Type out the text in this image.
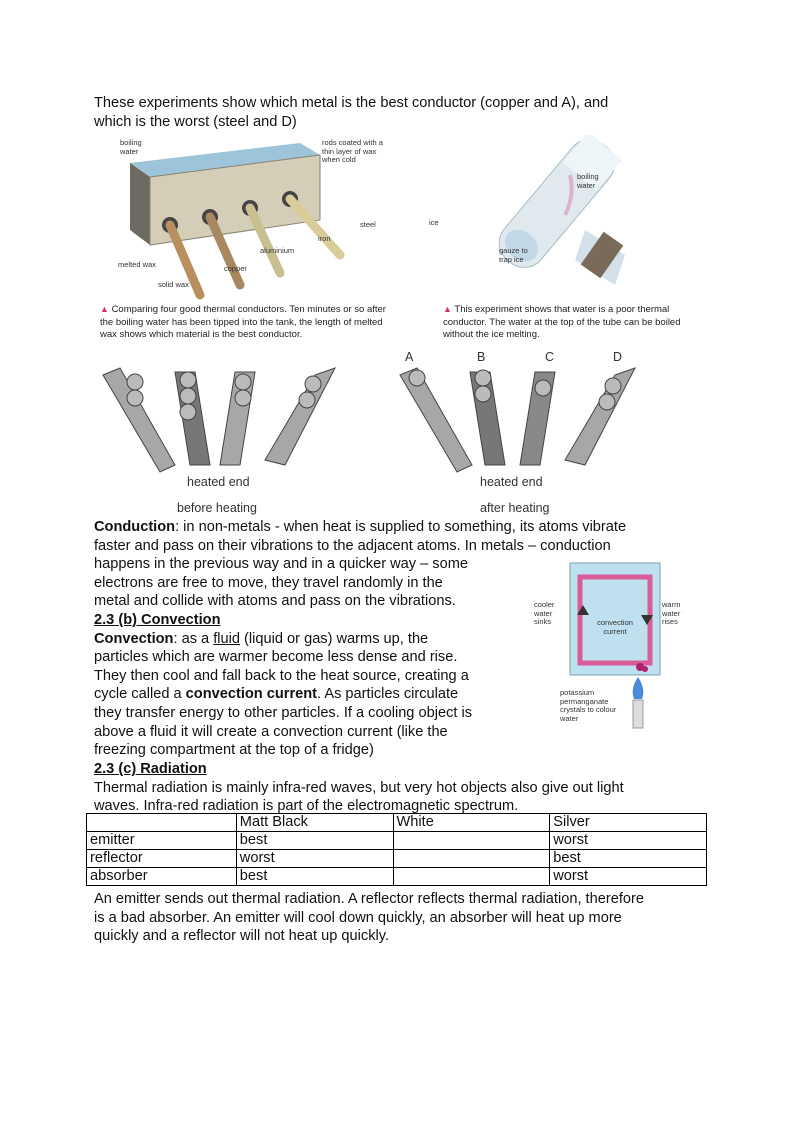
These experiments show which metal is the best conductor (copper and A), and

which is the worst (steel and D)

boiling water
rods coated with a thin layer of wax when cold
steel
iron
aluminium
copper
melted wax
solid wax
▲ Comparing four good thermal conductors. Ten minutes or so after the boiling water has been tipped into the tank, the length of melted wax shows which material is the best conductor.
boiling water
ice
gauze to trap ice
▲ This experiment shows that water is a poor thermal conductor. The water at the top of the tube can be boiled without the ice melting.
A	B	C	D
heated end	heated end
before heating	after heating

Conduction: in non-metals - when heat is supplied to something, its atoms vibrate

faster and pass on their vibrations to the adjacent atoms. In metals – conduction

happens in the previous way and in a quicker way – some

electrons are free to move, they travel randomly in the

metal and collide with atoms and pass on the vibrations.

2.3 (b) Convection

Convection: as a fluid (liquid or gas) warms up, the

particles which are warmer become less dense and rise.

They then cool and fall back to the heat source, creating a

cycle called a convection current. As particles circulate

they transfer energy to other particles. If a cooling object is

above a fluid it will create a convection current (like the

freezing compartment at the top of a fridge)

cooler water sinks
warm water rises
convection current
potassium permanganate crystals to colour water

2.3 (c) Radiation

Thermal radiation is mainly infra-red waves, but very hot objects also give out light

waves. Infra-red radiation is part of the electromagnetic spectrum.

	Matt Black	White	Silver
emitter	best		worst
reflector	worst		best
absorber	best		worst

An emitter sends out thermal radiation. A reflector reflects thermal radiation, therefore

is a bad absorber. An emitter will cool down quickly, an absorber will heat up more

quickly and a reflector will not heat up quickly.
